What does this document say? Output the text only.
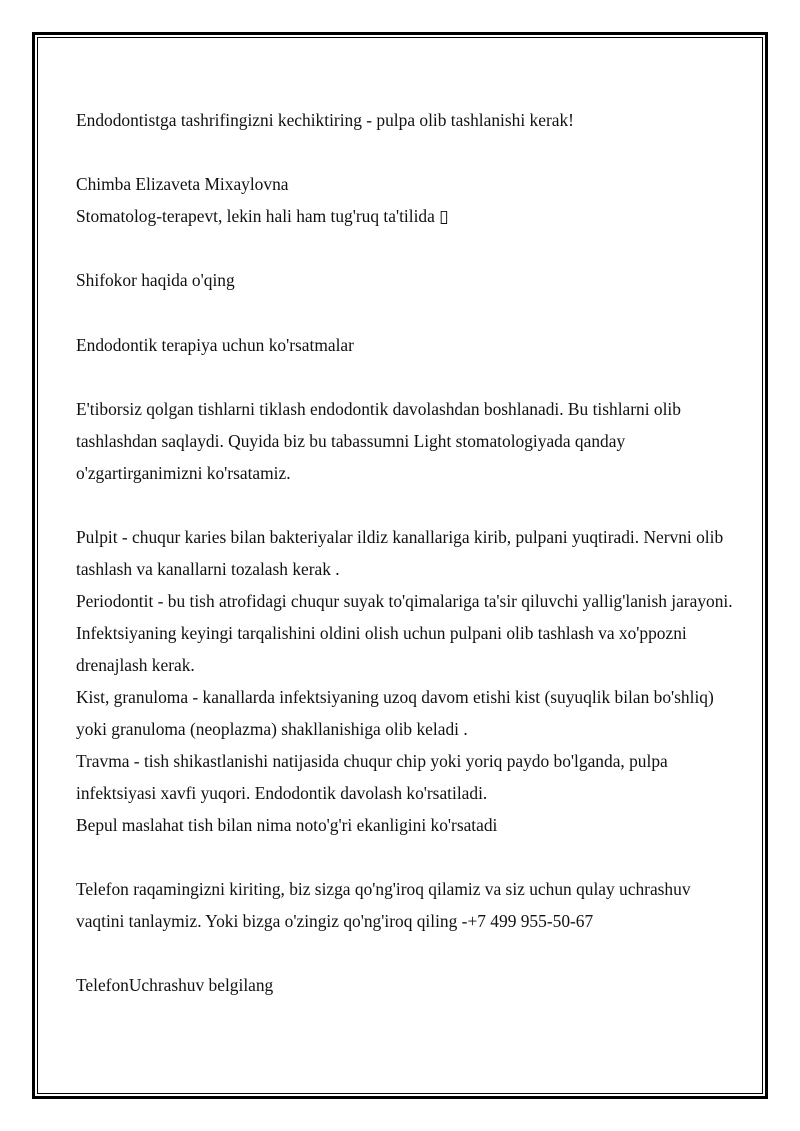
Endodontistga tashrifingizni kechiktiring - pulpa olib tashlanishi kerak!

Chimba Elizaveta Mixaylovna

Stomatolog-terapevt, lekin hali ham tug'ruq ta'tilida ▯

Shifokor haqida o'qing

Endodontik terapiya uchun ko'rsatmalar

E'tiborsiz qolgan tishlarni tiklash endodontik davolashdan boshlanadi. Bu tishlarni olib tashlashdan saqlaydi. Quyida biz bu tabassumni Light stomatologiyada qanday o'zgartirganimizni ko'rsatamiz.

Pulpit - chuqur karies bilan bakteriyalar ildiz kanallariga kirib, pulpani yuqtiradi. Nervni olib tashlash va kanallarni tozalash kerak .

Periodontit - bu tish atrofidagi chuqur suyak to'qimalariga ta'sir qiluvchi yallig'lanish jarayoni. Infektsiyaning keyingi tarqalishini oldini olish uchun pulpani olib tashlash va xo'ppozni drenajlash kerak.

Kist, granuloma - kanallarda infektsiyaning uzoq davom etishi kist (suyuqlik bilan bo'shliq) yoki granuloma (neoplazma) shakllanishiga olib keladi .

Travma - tish shikastlanishi natijasida chuqur chip yoki yoriq paydo bo'lganda, pulpa infektsiyasi xavfi yuqori. Endodontik davolash ko'rsatiladi.

Bepul maslahat tish bilan nima noto'g'ri ekanligini ko'rsatadi

Telefon raqamingizni kiriting, biz sizga qo'ng'iroq qilamiz va siz uchun qulay uchrashuv vaqtini tanlaymiz. Yoki bizga o'zingiz qo'ng'iroq qiling -+7 499 955-50-67

TelefonUchrashuv belgilang
